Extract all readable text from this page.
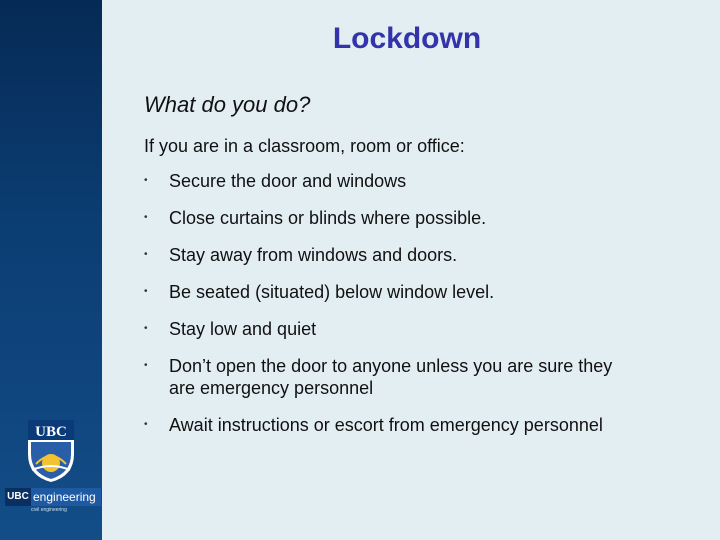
UBC
UBC engineering
civil engineering
Lockdown

What do you do?

If you are in a classroom, room or office:

• Secure the door and windows
• Close curtains or blinds where possible.
• Stay away from windows and doors.
• Be seated (situated) below window level.
• Stay low and quiet
• Don’t open the door to anyone unless you are sure they
are emergency personnel
• Await instructions or escort from emergency personnel
